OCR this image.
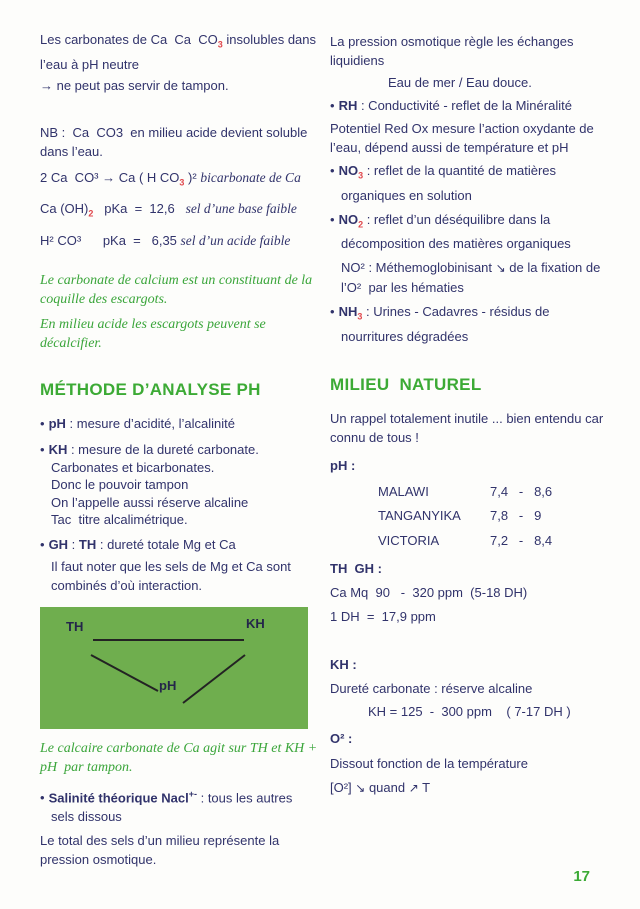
Les carbonates de Ca  Ca  $CO_3$ insolubles dans l’eau à pH neutre

→ ne peut pas servir de tampon.

NB :  Ca  CO3  en milieu acide devient soluble dans l’eau.

2 Ca  CO³ → Ca ( H $CO_3$ )² bicarbonate de Ca

Ca $(OH)_2$   pKa  =  12,6   sel d’une base faible

H² CO³      pKa  =   6,35 sel d’un acide faible

Le carbonate de calcium est un constituant de la coquille des escargots.

En milieu acide les escargots peuvent se décalcifier.

MÉTHODE D’ANALYSE PH

• pH : mesure d’acidité, l’alcalinité

• KH : mesure de la dureté carbonate.

Carbonates et bicarbonates.

Donc le pouvoir tampon

On l’appelle aussi réserve alcaline

Tac  titre alcalimétrique.

• GH : TH : dureté totale Mg et Ca

Il faut noter que les sels de Mg et Ca sont combinés d’où interaction.

TH	KH
pH

Le calcaire carbonate de Ca agit sur TH et KH +  pH  par tampon.

• Salinité théorique Nacl+- : tous les autres sels dissous

Le total des sels d’un milieu représente la pression osmotique.

La pression osmotique règle les échanges liquidiens

Eau de mer / Eau douce.

• RH : Conductivité - reflet de la Minéralité

Potentiel Red Ox mesure l’action oxydante de l’eau, dépend aussi de température et pH

• $NO_3$ : reflet de la quantité de matières organiques en solution

• $NO_2$ : reflet d’un déséquilibre dans la décomposition des matières organiques

NO² : Méthemoglobinisant ↘ de la fixation de l’O²  par les hématies

• $NH_3$ : Urines - Cadavres - résidus de nourritures dégradées

MILIEU  NATUREL

Un rappel totalement inutile ... bien entendu car connu de tous !

pH :

MALAWI	7,4   -   8,6
TANGANYIKA	7,8   -   9
VICTORIA	7,2   -   8,4

TH  GH :

Ca Mq  90   -  320 ppm  (5-18 DH)

1 DH  =  17,9 ppm

KH :

Dureté carbonate : réserve alcaline

KH = 125  -  300 ppm    ( 7-17 DH )

O² :

Dissout fonction de la température

[O²] ↘ quand ↗ T

17
